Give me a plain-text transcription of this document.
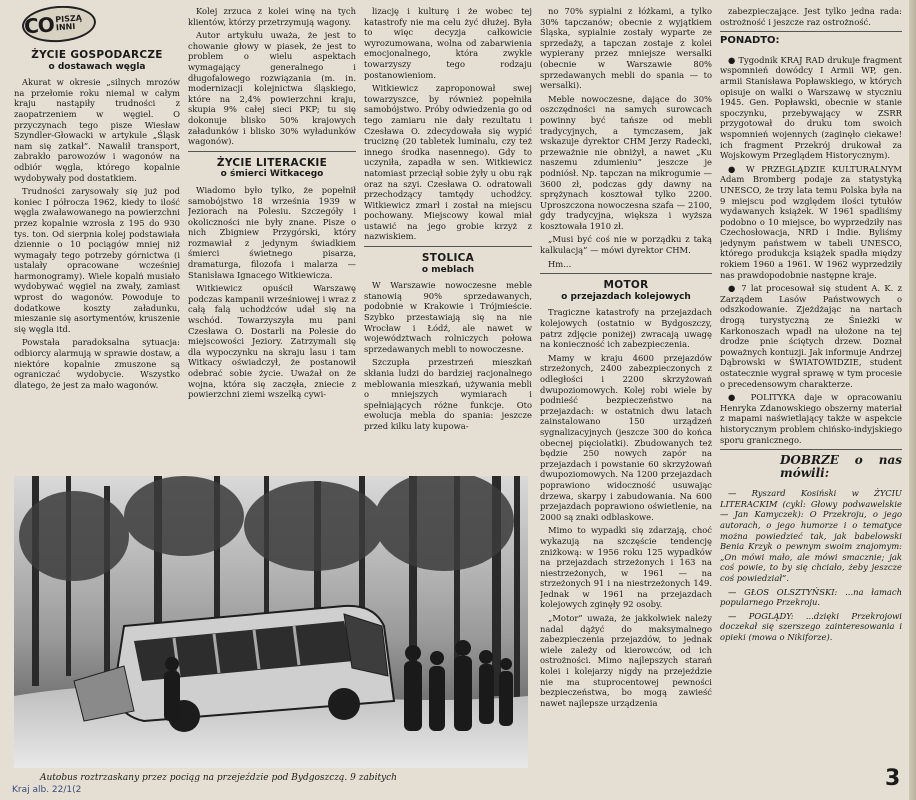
CO PISZĄ INNI
ŻYCIE GOSPODARCZE
o dostawach węgla

Akurat w okresie „silnych mrozów na przełomie roku niemal w całym kraju nastąpiły trudności z zaopatrzeniem w węgiel. O przyczynach tego pisze Wiesław Szyndler-Głowacki w artykule „Śląsk nam się zatkał”. Nawalił transport, zabrakło parowozów i wagonów na odbiór węgla, którego kopalnie wydobywały pod dostatkiem.

Trudności zarysowały się już pod koniec I półrocza 1962, kiedy to ilość węgla zwaławowanego na powierzchni przez kopalnie wzrosła z 195 do 930 tys. ton. Od sierpnia kolej podstawiała dziennie o 10 pociągów mniej niż wymagały tego potrzeby górnictwa (i ustalały opracowane wcześniej harmonogramy). Wiele kopalń musiało wydobywać węgiel na zwały, zamiast wprost do wagonów. Powoduje to dodatkowe koszty załadunku, mieszanie się asortymentów, kruszenie się węgla itd.

Powstała paradoksalna sytuacja: odbiorcy alarmują w sprawie dostaw, a niektóre kopalnie zmuszone są ograniczać wydobycie. Wszystko dlatego, że jest za mało wagonów.

Kolej zrzuca z kolei winę na tych klientów, którzy przetrzymują wagony.

Autor artykułu uważa, że jest to chowanie głowy w piasek, że jest to problem o wielu aspektach wymagający generalnego i długofalowego rozwiązania (m. in. modernizacji kolejnictwa śląskiego, które na 2,4% powierzchni kraju, skupia 9% całej sieci PKP; tu się dokonuje blisko 50% krajowych załadunków i blisko 30% wyładunków wagonów).

ŻYCIE LITERACKIE
o śmierci Witkacego

Wiadomo było tylko, że popełnił samobójstwo 18 września 1939 w Jeziorach na Polesiu. Szczegóły i okoliczności nie były znane. Pisze o nich Zbigniew Przygórski, który rozmawiał z jedynym świadkiem śmierci świetnego pisarza, dramaturga, filozofa i malarza — Stanisława Ignacego Witkiewicza.

Witkiewicz opuścił Warszawę podczas kampanii wrześniowej i wraz z całą falą uchodźców udał się na wschód. Towarzyszyła mu pani Czesława O. Dostarli na Polesie do miejscowości Jeziory. Zatrzymali się dla wypoczynku na skraju lasu i tam Witkacy oświadczył, że postanowił odebrać sobie życie. Uważał on że wojna, która się zaczęła, zniecie z powierzchni ziemi wszelką cywi-

lizację i kulturę i że wobec tej katastrofy nie ma celu żyć dłużej. Była to więc decyzja całkowicie wyrozumowana, wolna od zabarwienia emocjonalnego, która zwykle towarzyszy tego rodzaju postanowieniom.

Witkiewicz zaproponował swej towarzyszce, by również popełniła samobójstwo. Próby odwiedzenia go od tego zamiaru nie dały rezultatu i Czesława O. zdecydowała się wypić truciznę (20 tabletek luminalu, czy też innego środka nasennego). Gdy to uczyniła, zapadła w sen. Witkiewicz natomiast przeciął sobie żyły u obu rąk oraz na szyi. Czesława O. odratowali przechodzący tamtędy uchodźcy. Witkiewicz zmarł i został na miejscu pochowany. Miejscowy kowal miał ustawić na jego grobie krzyż z nazwiskiem.

STOLICA
o meblach

W Warszawie nowoczesne meble stanowią 90% sprzedawanych, podobnie w Krakowie i Trójmieście. Szybko przestawiają się na nie Wrocław i Łódź, ale nawet w województwach rolniczych połowa sprzedawanych mebli to nowoczesne.

Szczupła przestrzeń mieszkań skłania ludzi do bardziej racjonalnego meblowania mieszkań, używania mebli o mniejszych wymiarach i spełniających różne funkcje. Oto ewolucja mebla do spania: jeszcze przed kilku laty kupowa-

no 70% sypialni z łóżkami, a tylko 30% tapczanów; obecnie z wyjątkiem Śląska, sypialnie zostały wyparte ze sprzedaży, a tapczan zostaje z kolei wypierany przez mniejsze wersalki (obecnie w Warszawie 80% sprzedawanych mebli do spania — to wersalki).

Meble nowoczesne, dające do 30% oszczędności na samych surowcach powinny być tańsze od mebli tradycyjnych, a tymczasem, jak wskazuje dyrektor CHM Jerzy Radecki, przeważnie nie obniżył, a nawet „Ku naszemu zdumieniu” jeszcze je podniósł. Np. tapczan na mikrogumie — 3600 zł, podczas gdy dawny na sprężynach kosztował tylko 2200. Uproszczona nowoczesna szafa — 2100, gdy tradycyjna, większa i wyższa kosztowała 1910 zł.

„Musi być coś nie w porządku z taką kalkulacją” — mówi dyrektor CHM.

Hm...

MOTOR
o przejazdach kolejowych

Tragiczne katastrofy na przejazdach kolejowych (ostatnio w Bydgoszczy, patrz zdjęcie poniżej) zwracają uwagę na konieczność ich zabezpieczenia.

Mamy w kraju 4600 przejazdów strzeżonych, 2400 zabezpieczonych z odległości i 2200 skrzyżowań dwupoziomowych. Kolej robi wiele by podnieść bezpieczeństwo na przejazdach: w ostatnich dwu latach zainstalowano 150 urządzeń sygnalizacyjnych (jeszcze 300 do końca obecnej pięciolatki). Zbudowanych też będzie 250 nowych zapór na przejazdach i powstanie 60 skrzyżowań dwupoziomowych. Na 1200 przejazdach poprawiono widoczność usuwając drzewa, skarpy i zabudowania. Na 600 przejazdach poprawiono oświetlenie, na 2000 są znaki odblaskowe.

Mimo to wypadki się zdarzają, choć wykazują na szczęście tendencję zniżkową: w 1956 roku 125 wypadków na przejazdach strzeżonych i 163 na niestrzeżonych, w 1961 — na strzeżonych 91 i na niestrzeżonych 149. Jednak w 1961 na przejazdach kolejowych zginęły 92 osoby.

„Motor” uważa, że jakkolwiek należy nadal dążyć do maksymalnego zabezpieczenia przejazdów, to jednak wiele zależy od kierowców, od ich ostrożności. Mimo najlepszych starań kolei i kolejarzy nigdy na przejeździe nie ma stuprocentowej pewności bezpieczeństwa, bo mogą zawieść nawet najlepsze urządzenia

zabezpieczające. Jest tylko jedna rada: ostrożność i jeszcze raz ostrożność.

PONADTO:

● Tygodnik KRAJ RAD drukuje fragment wspomnień dowódcy I Armii WP, gen. armii Stanisława Popławskiego, w których opisuje on walki o Warszawę w styczniu 1945. Gen. Popławski, obecnie w stanie spoczynku, przebywający w ZSRR przygotował do druku tom swoich wspomnień wojennych (zaginęło ciekawe! ich fragment Przekrój drukował za Wojskowym Przeglądem Historycznym).

● W PRZEGLĄDZIE KULTURALNYM Adam Bromberg podaje za statystyką UNESCO, że trzy lata temu Polska była na 9 miejscu pod względem ilości tytułów wydawanych książek. W 1961 spadliśmy podobno o 10 miejsce, bo wyprzedziły nas Czechosłowacja, NRD i Indie. Byliśmy jedynym państwem w tabeli UNESCO, którego produkcja książek spadła między rokiem 1960 a 1961. W 1962 wyprzedziły nas prawdopodobnie następne kraje.

● 7 lat procesował się student A. K. z Zarządem Lasów Państwowych o odszkodowanie. Zjeżdżając na nartach drogą turystyczną ze Śnieżki w Karkonoszach wpadł na ułożone na tej drodze pnie ściętych drzew. Doznał poważnych kontuzji. Jak informuje Andrzej Dąbrowski w ŚWIATOWIDZIE, student ostatecznie wygrał sprawę w tym procesie o precedensowym charakterze.

● POLITYKA daje w opracowaniu Henryka Zdanowskiego obszerny materiał z mapami naświetlający także w aspekcie historycznym problem chińsko-indyjskiego sporu granicznego.

DOBRZE o nas mówili:

— Ryszard Kosiński w ŻYCIU LITERACKIM (cykl: Głowy podwawelskie — Jan Kamyczek): O Przekroju, o jego autorach, o jego humorze i o tematyce można powiedzieć tak, jak babelowski Benia Krzyk o pewnym swoim znajomym: „On mówi mało, ale mówi smacznie; jak coś powie, to by się chciało, żeby jeszcze coś powiedział”.

— GŁOS OLSZTYŃSKI: ...na łamach popularnego Przekroju.

— POGLĄDY: ...dzięki Przekrojowi doczekał się szerszego zainteresowania i opieki (mowa o Nikiforze).

Autobus roztrzaskany przez pociąg na przejeździe pod Bydgoszczą. 9 zabitych
Kraj alb. 22/1(2	3
